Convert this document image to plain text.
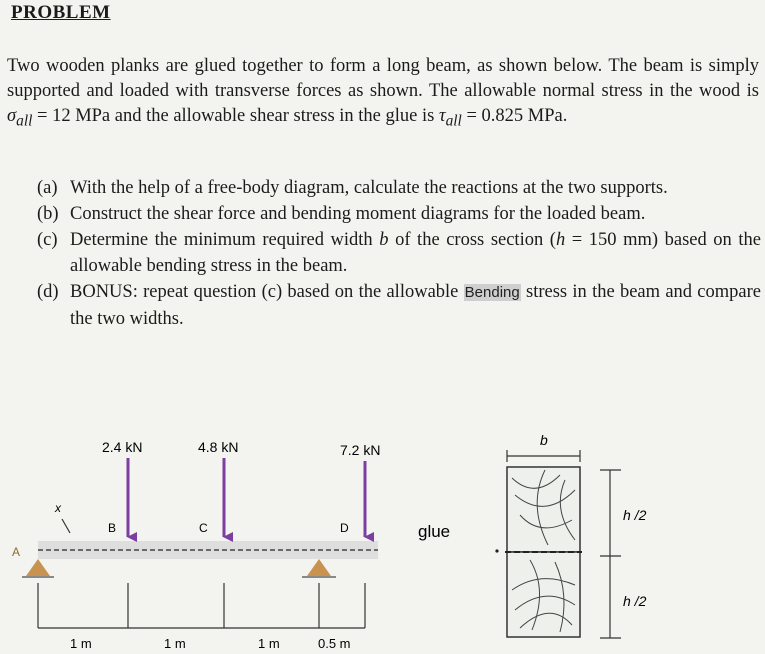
PROBLEM
Two wooden planks are glued together to form a long beam, as shown below. The beam is simply supported and loaded with transverse forces as shown. The allowable normal stress in the wood is $\sigma_{all} = 12$ MPa and the allowable shear stress in the glue is $\tau_{all} = 0.825$ MPa.
(a) With the help of a free-body diagram, calculate the reactions at the two supports.
(b) Construct the shear force and bending moment diagrams for the loaded beam.
(c) Determine the minimum required width b of the cross section (h = 150 mm) based on the allowable bending stress in the beam.
(d) BONUS: repeat question (c) based on the allowable Bending stress in the beam and compare the two widths.
x
A
2.4 kN
B
4.8 kN
C
7.2 kN
D
1 m	1 m	1 m	0.5 m
glue
b
h /2
h /2
